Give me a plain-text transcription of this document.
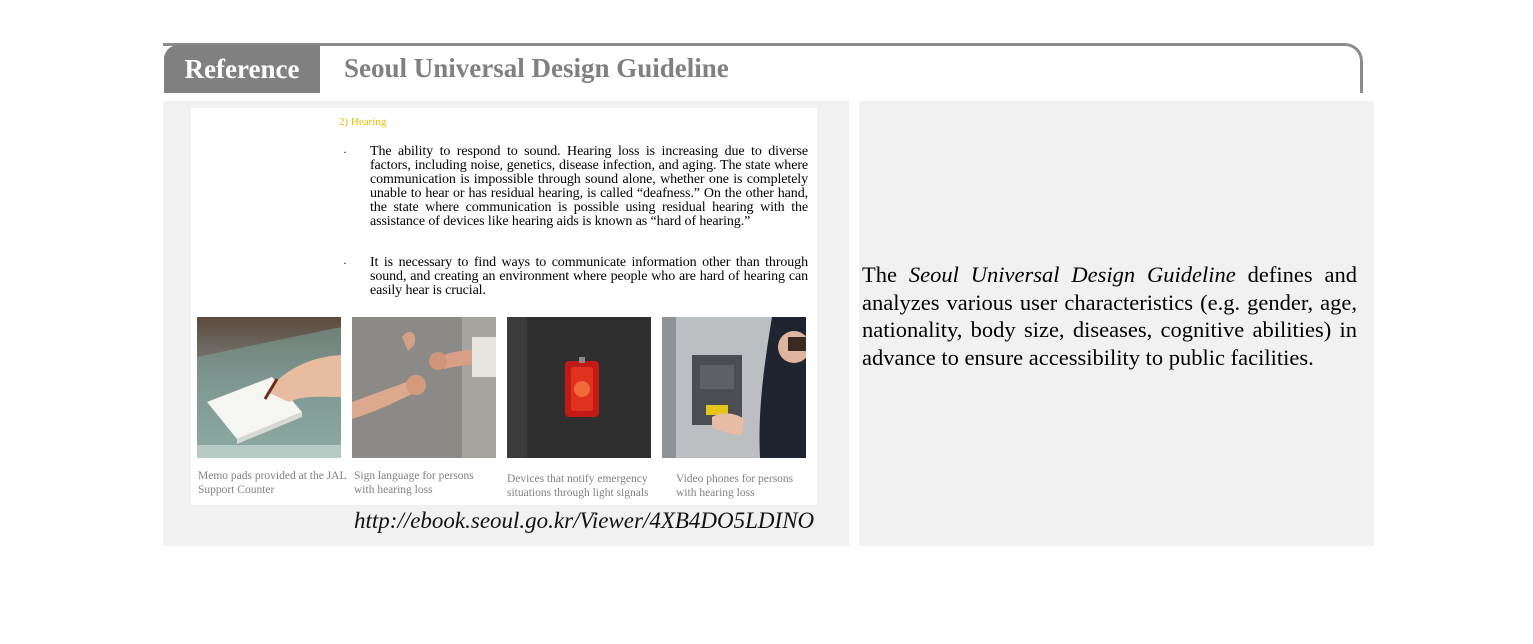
Reference	Seoul Universal Design Guideline
2) Hearing
· The ability to respond to sound. Hearing loss is increasing due to diverse factors, including noise, genetics, disease infection, and aging. The state where communication is impossible through sound alone, whether one is completely unable to hear or has residual hearing, is called “deafness.” On the other hand, the state where communication is possible using residual hearing with the assistance of devices like hearing aids is known as “hard of hearing.”

· It is necessary to find ways to communicate information other than through sound, and creating an environment where people who are hard of hearing can easily hear is crucial.

Memo pads provided at the JAL Support Counter
Sign language for persons with hearing loss
Devices that notify emergency situations through light signals
Video phones for persons with hearing loss
http://ebook.seoul.go.kr/Viewer/4XB4DO5LDINO

The Seoul Universal Design Guideline defines and analyzes various user characteristics (e.g. gender, age, nationality, body size, diseases, cognitive abilities) in advance to ensure accessibility to public facilities.
